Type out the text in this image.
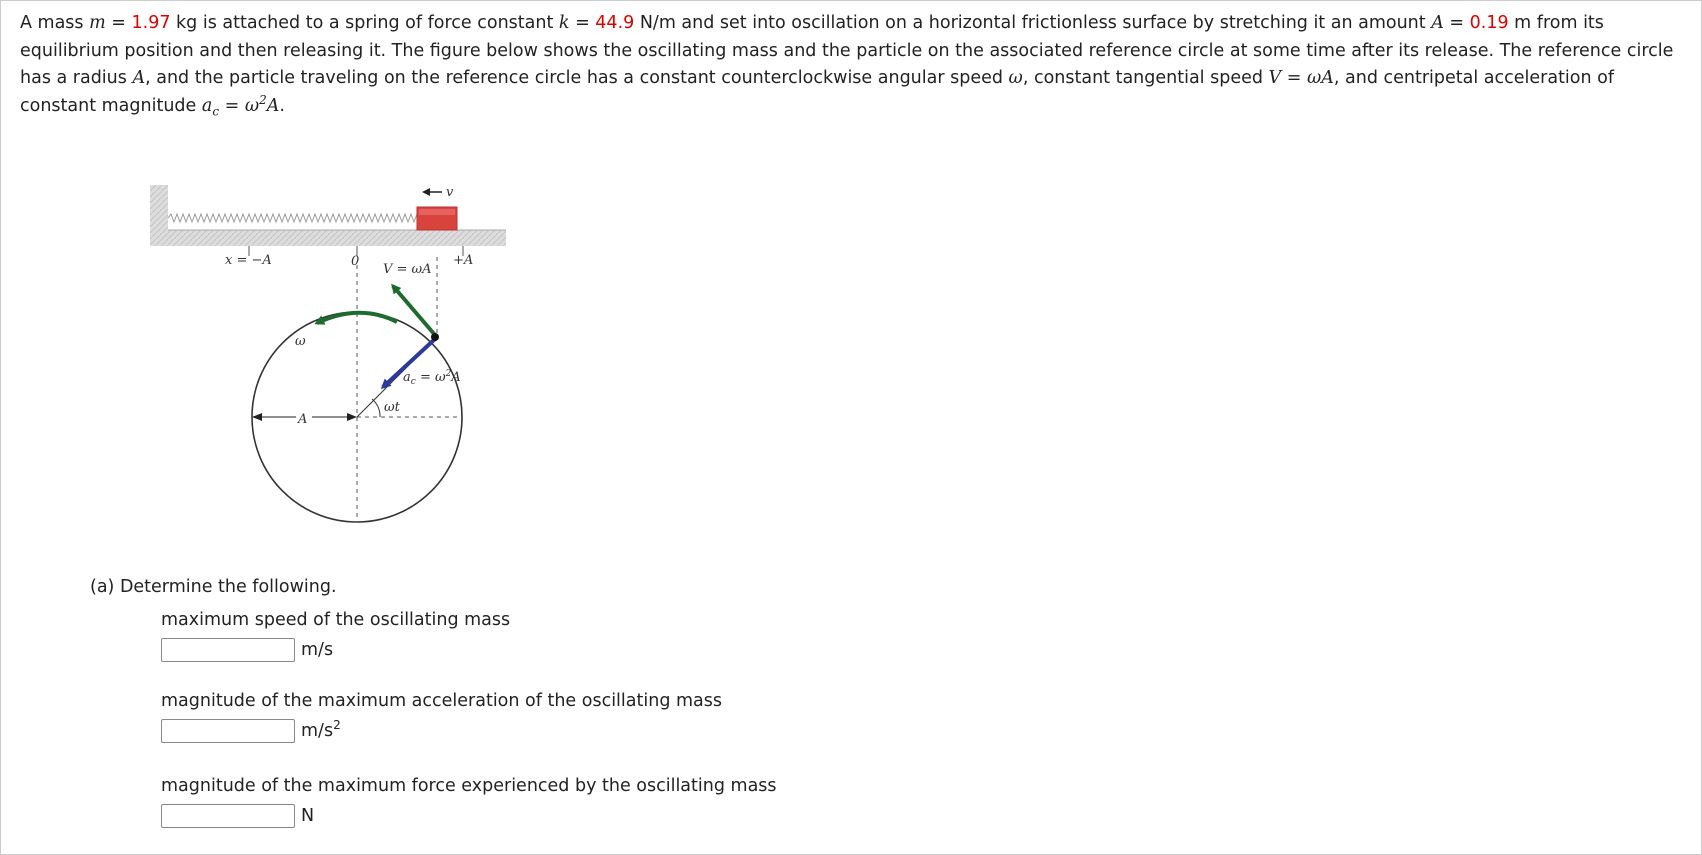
A mass m = 1.97 kg is attached to a spring of force constant k = 44.9 N/m and set into oscillation on a horizontal frictionless surface by stretching it an amount A = 0.19 m from its equilibrium position and then releasing it. The figure below shows the oscillating mass and the particle on the associated reference circle at some time after its release. The reference circle has a radius A, and the particle traveling on the reference circle has a constant counterclockwise angular speed ω, constant tangential speed V = ωA, and centripetal acceleration of constant magnitude $a_c = \omega^2A$.
v
x = −A	0	+A
A
ωt
ω
V = ωA
$a_c = \omega^2A$
(a) Determine the following.
maximum speed of the oscillating mass
m/s
magnitude of the maximum acceleration of the oscillating mass
$m/s^2$
magnitude of the maximum force experienced by the oscillating mass
N
